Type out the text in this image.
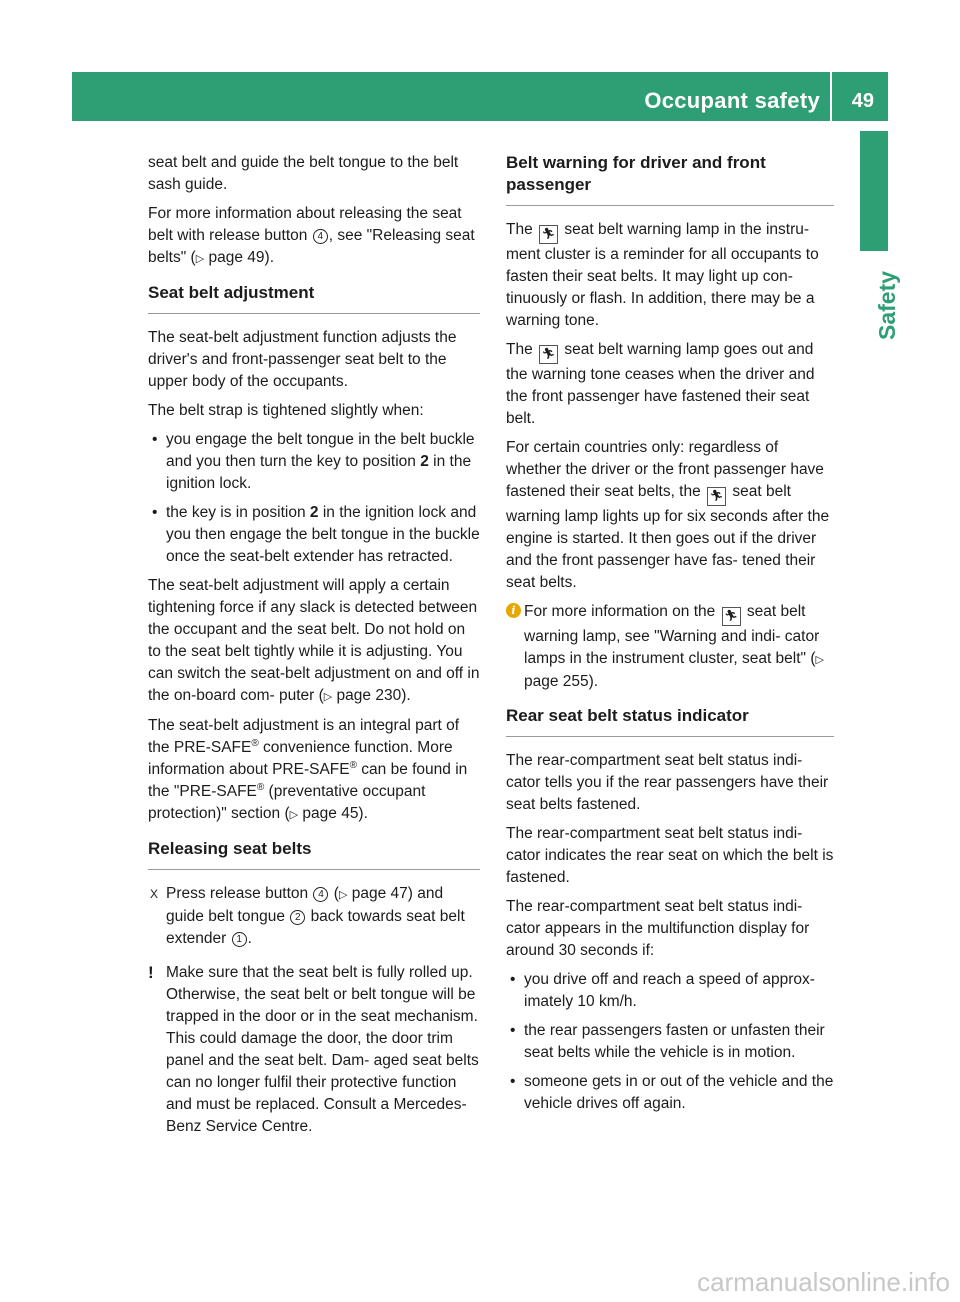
Occupant safety 49
Safety

seat belt and guide the belt tongue to the belt sash guide.

For more information about releasing the seat belt with release button 4 , see "Releasing seat belts" (▷ page 49).

Seat belt adjustment

The seat-belt adjustment function adjusts the driver's and front-passenger seat belt to the upper body of the occupants.

The belt strap is tightened slightly when:

• you engage the belt tongue in the belt buckle and you then turn the key to position 2 in the ignition lock.
• the key is in position 2 in the ignition lock and you then engage the belt tongue in the buckle once the seat-belt extender has retracted.

The seat-belt adjustment will apply a certain tightening force if any slack is detected between the occupant and the seat belt. Do not hold on to the seat belt tightly while it is adjusting. You can switch the seat-belt adjustment on and off in the on-board com- puter (▷ page 230).

The seat-belt adjustment is an integral part of the PRE-SAFE® convenience function. More information about PRE-SAFE® can be found in the "PRE-SAFE® (preventative occupant protection)" section (▷ page 45).

Releasing seat belts
X Press release button 4 (▷ page 47) and guide belt tongue 2 back towards seat belt extender 1 .
! Make sure that the seat belt is fully rolled up. Otherwise, the seat belt or belt tongue will be trapped in the door or in the seat mechanism. This could damage the door, the door trim panel and the seat belt. Dam- aged seat belts can no longer fulfil their protective function and must be replaced. Consult a Mercedes-Benz Service Centre.
Belt warning for driver and front passenger

The 🏃︎ seat belt warning lamp in the instru- ment cluster is a reminder for all occupants to fasten their seat belts. It may light up con- tinuously or flash. In addition, there may be a warning tone.

The 🏃︎ seat belt warning lamp goes out and the warning tone ceases when the driver and the front passenger have fastened their seat belt.

For certain countries only: regardless of whether the driver or the front passenger have fastened their seat belts, the 🏃︎ seat belt warning lamp lights up for six seconds after the engine is started. It then goes out if the driver and the front passenger have fas- tened their seat belts.

i For more information on the 🏃︎ seat belt warning lamp, see "Warning and indi- cator lamps in the instrument cluster, seat belt" (▷ page 255).
Rear seat belt status indicator

The rear-compartment seat belt status indi- cator tells you if the rear passengers have their seat belts fastened.

The rear-compartment seat belt status indi- cator indicates the rear seat on which the belt is fastened.

The rear-compartment seat belt status indi- cator appears in the multifunction display for around 30 seconds if:

• you drive off and reach a speed of approx- imately 10 km/h.
• the rear passengers fasten or unfasten their seat belts while the vehicle is in motion.
• someone gets in or out of the vehicle and the vehicle drives off again.
carmanualsonline.info
